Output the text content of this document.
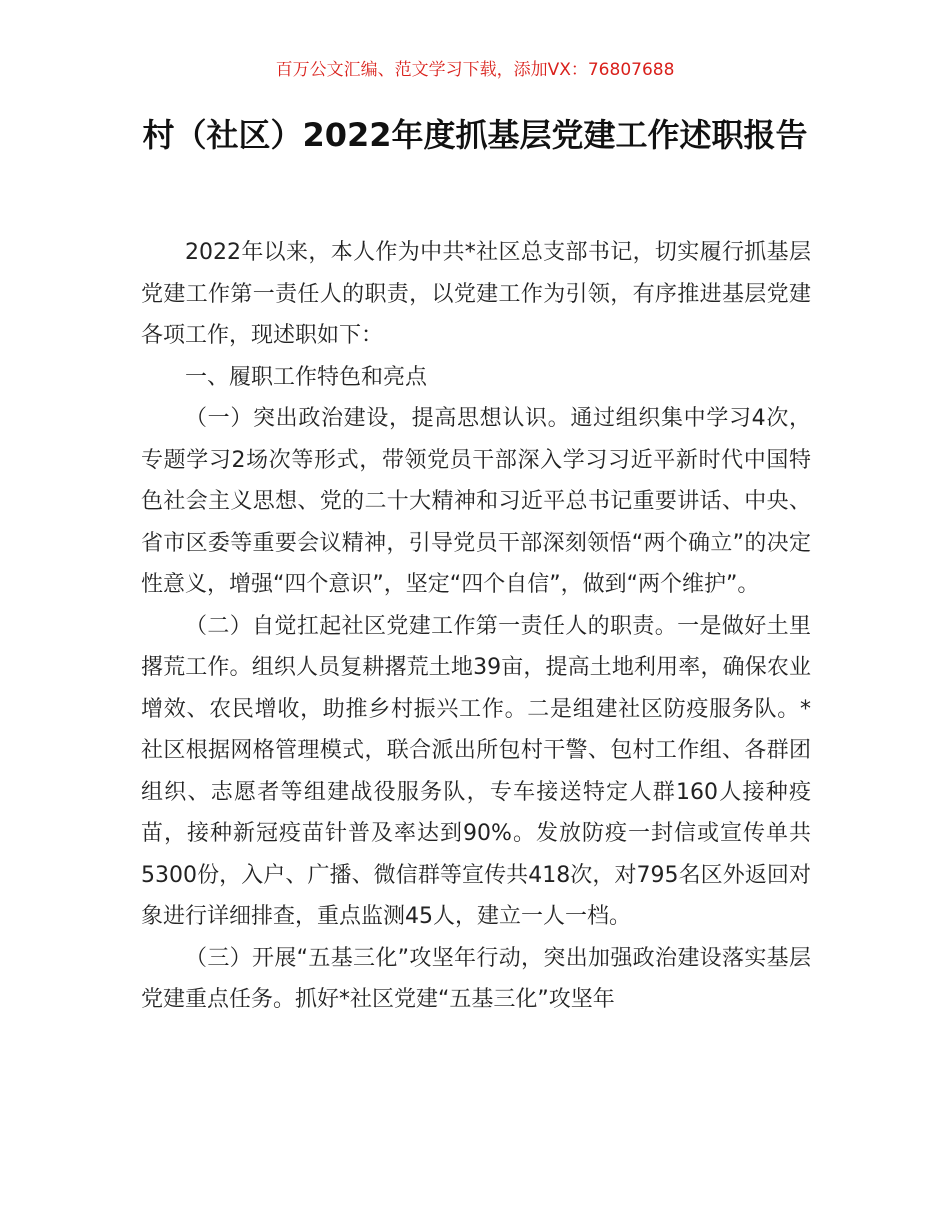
百万公文汇编、范文学习下载，添加VX：76807688
村（社区）2022年度抓基层党建工作述职报告

2022年以来，本人作为中共*社区总支部书记，切实履行抓基层党建工作第一责任人的职责，以党建工作为引领，有序推进基层党建各项工作，现述职如下：

一、履职工作特色和亮点

（一）突出政治建设，提高思想认识。通过组织集中学习4次，专题学习2场次等形式，带领党员干部深入学习习近平新时代中国特色社会主义思想、党的二十大精神和习近平总书记重要讲话、中央、省市区委等重要会议精神，引导党员干部深刻领悟“两个确立”的决定性意义，增强“四个意识”，坚定“四个自信”，做到“两个维护”。

（二）自觉扛起社区党建工作第一责任人的职责。一是做好土里撂荒工作。组织人员复耕撂荒土地39亩，提高土地利用率，确保农业增效、农民增收，助推乡村振兴工作。二是组建社区防疫服务队。*社区根据网格管理模式，联合派出所包村干警、包村工作组、各群团组织、志愿者等组建战役服务队，专车接送特定人群160人接种疫苗，接种新冠疫苗针普及率达到90%。发放防疫一封信或宣传单共5300份，入户、广播、微信群等宣传共418次，对795名区外返回对象进行详细排查，重点监测45人，建立一人一档。

（三）开展“五基三化”攻坚年行动，突出加强政治建设落实基层党建重点任务。抓好*社区党建“五基三化”攻坚年
